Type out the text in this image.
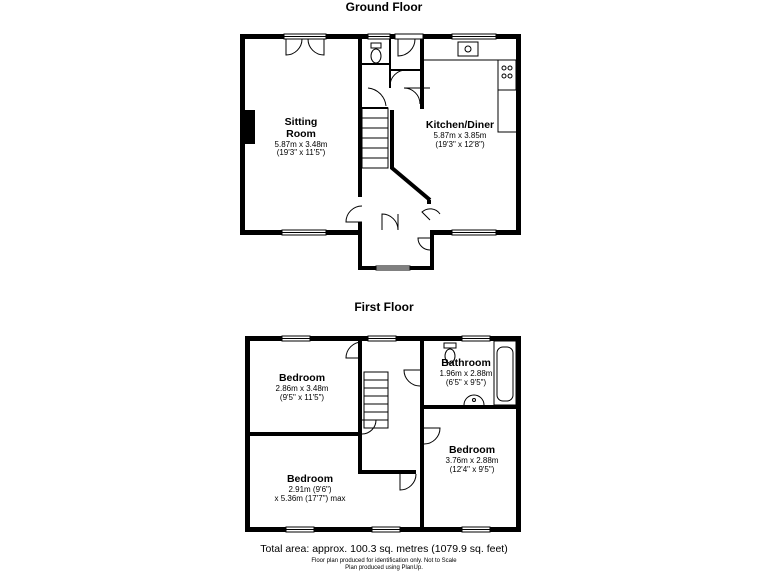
Ground Floor
First Floor
Sitting
Room
5.87m x 3.48m
(19'3" x 11'5")
Kitchen/Diner
5.87m x 3.85m
(19'3" x 12'8")
Bedroom
2.86m x 3.48m
(9'5" x 11'5")
Bathroom
1.96m x 2.88m
(6'5" x 9'5")
Bedroom
3.76m x 2.88m
(12'4" x 9'5")
Bedroom
2.91m (9'6")
x 5.36m (17'7") max
Total area: approx. 100.3 sq. metres (1079.9 sq. feet)
Floor plan produced for identification only. Not to Scale
Plan produced using PlanUp.
